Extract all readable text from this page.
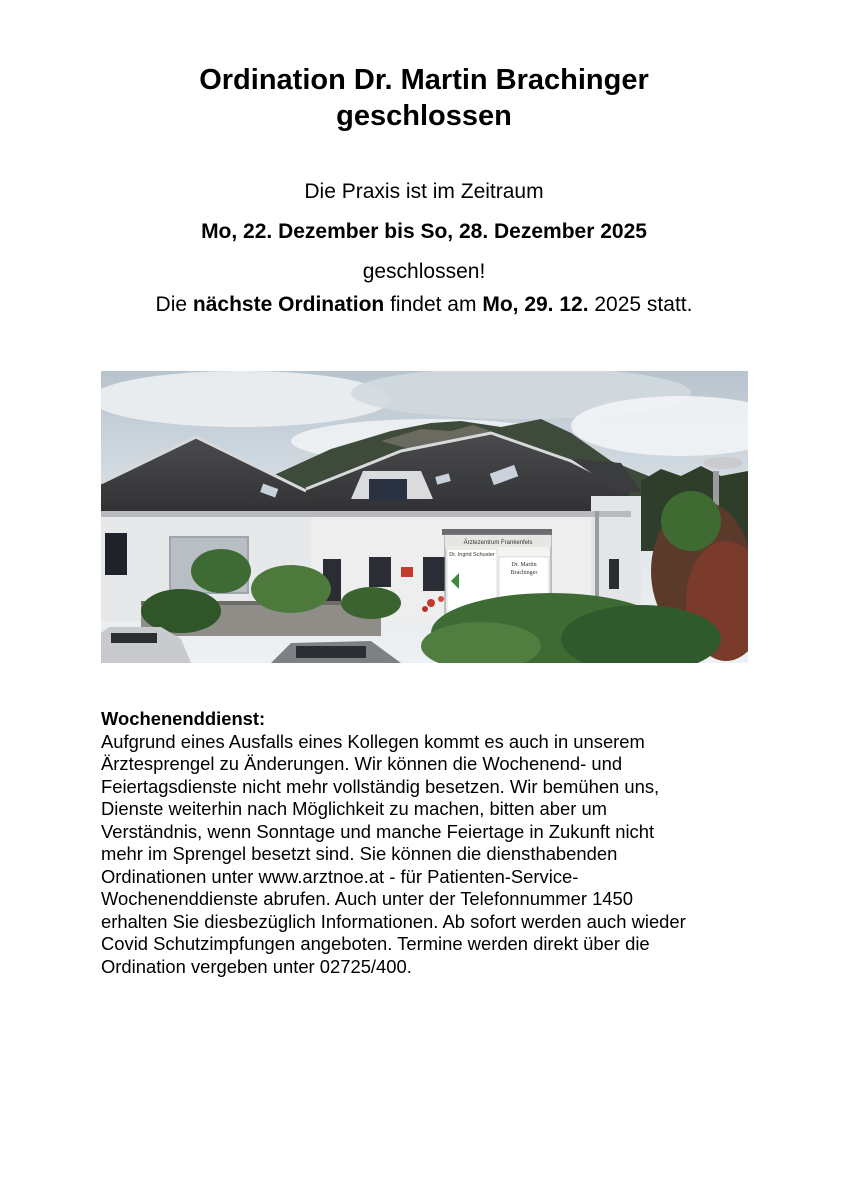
Ordination Dr. Martin Brachinger
geschlossen
Die Praxis ist im Zeitraum
Mo, 22. Dezember bis So, 28. Dezember 2025
geschlossen!
Die nächste Ordination findet am Mo, 29. 12. 2025 statt.
Ärztezentrum Frankenfels
Dr. Ingrid Schuster
Dr. Martin
Brachinger
Wochenenddienst:
Aufgrund eines Ausfalls eines Kollegen kommt es auch in unserem
Ärztesprengel zu Änderungen. Wir können die Wochenend- und
Feiertagsdienste nicht mehr vollständig besetzen. Wir bemühen uns,
Dienste weiterhin nach Möglichkeit zu machen, bitten aber um
Verständnis, wenn Sonntage und manche Feiertage in Zukunft nicht
mehr im Sprengel besetzt sind. Sie können die diensthabenden
Ordinationen unter www.arztnoe.at - für Patienten-Service-
Wochenenddienste abrufen. Auch unter der Telefonnummer 1450
erhalten Sie diesbezüglich Informationen. Ab sofort werden auch wieder
Covid Schutzimpfungen angeboten. Termine werden direkt über die
Ordination vergeben unter 02725/400.
